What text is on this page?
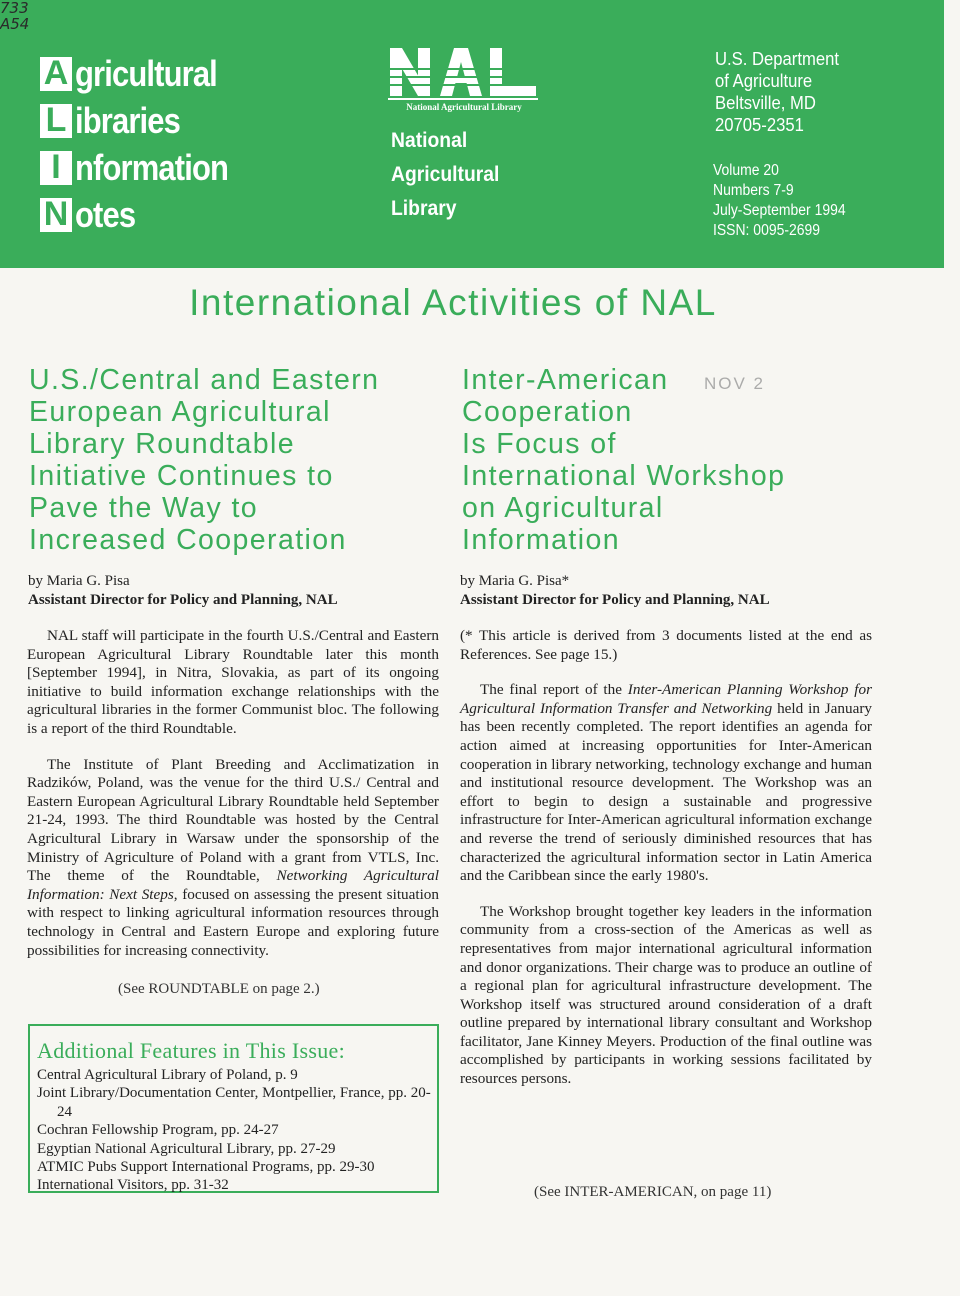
733
A54
A gricultural
L ibraries
I nformation
N otes
National Agricultural Library
National
Agricultural
Library
U.S. Department
of Agriculture
Beltsville, MD
20705-2351
Volume 20
Numbers 7-9
July-September 1994
ISSN: 0095-2699
International Activities of NAL
U.S./Central and Eastern
European Agricultural
Library Roundtable
Initiative Continues to
Pave the Way to
Increased Cooperation
by Maria G. Pisa
Assistant Director for Policy and Planning, NAL

NAL staff will participate in the fourth U.S./Central and Eastern European Agricultural Library Roundtable later this month [September 1994], in Nitra, Slovakia, as part of its ongoing initiative to build information exchange relationships with the agricultural libraries in the former Communist bloc. The following is a report of the third Roundtable.

The Institute of Plant Breeding and Acclimatization in Radzików, Poland, was the venue for the third U.S./ Central and Eastern European Agricultural Library Roundtable held September 21-24, 1993. The third Roundtable was hosted by the Central Agricultural Library in Warsaw under the sponsorship of the Ministry of Agriculture of Poland with a grant from VTLS, Inc. The theme of the Roundtable, Networking Agricultural Information: Next Steps, focused on assessing the present situation with respect to linking agricultural information resources through technology in Central and Eastern Europe and exploring future possibilities for increasing connectivity.

(See ROUNDTABLE on page 2.)
Additional Features in This Issue:
Central Agricultural Library of Poland, p. 9
Joint Library/Documentation Center, Montpellier, France, pp. 20-24
Cochran Fellowship Program, pp. 24-27
Egyptian National Agricultural Library, pp. 27-29
ATMIC Pubs Support International Programs, pp. 29-30
International Visitors, pp. 31-32
Inter-American
Cooperation
Is Focus of
International Workshop
on Agricultural
Information
NOV 2
by Maria G. Pisa*
Assistant Director for Policy and Planning, NAL

(* This article is derived from 3 documents listed at the end as References. See page 15.)

The final report of the Inter-American Planning Workshop for Agricultural Information Transfer and Networking held in January has been recently completed. The report identifies an agenda for action aimed at increasing opportunities for Inter-American cooperation in library networking, technology exchange and human and institutional resource development. The Workshop was an effort to begin to design a sustainable and progressive infrastructure for Inter-American agricultural information exchange and reverse the trend of seriously diminished resources that has characterized the agricultural information sector in Latin America and the Caribbean since the early 1980's.

The Workshop brought together key leaders in the information community from a cross-section of the Americas as well as representatives from major international agricultural information and donor organizations. Their charge was to produce an outline of a regional plan for agricultural infrastructure development. The Workshop itself was structured around consideration of a draft outline prepared by international library consultant and Workshop facilitator, Jane Kinney Meyers. Production of the final outline was accomplished by participants in working sessions facilitated by resources persons.

(See INTER-AMERICAN, on page 11)
